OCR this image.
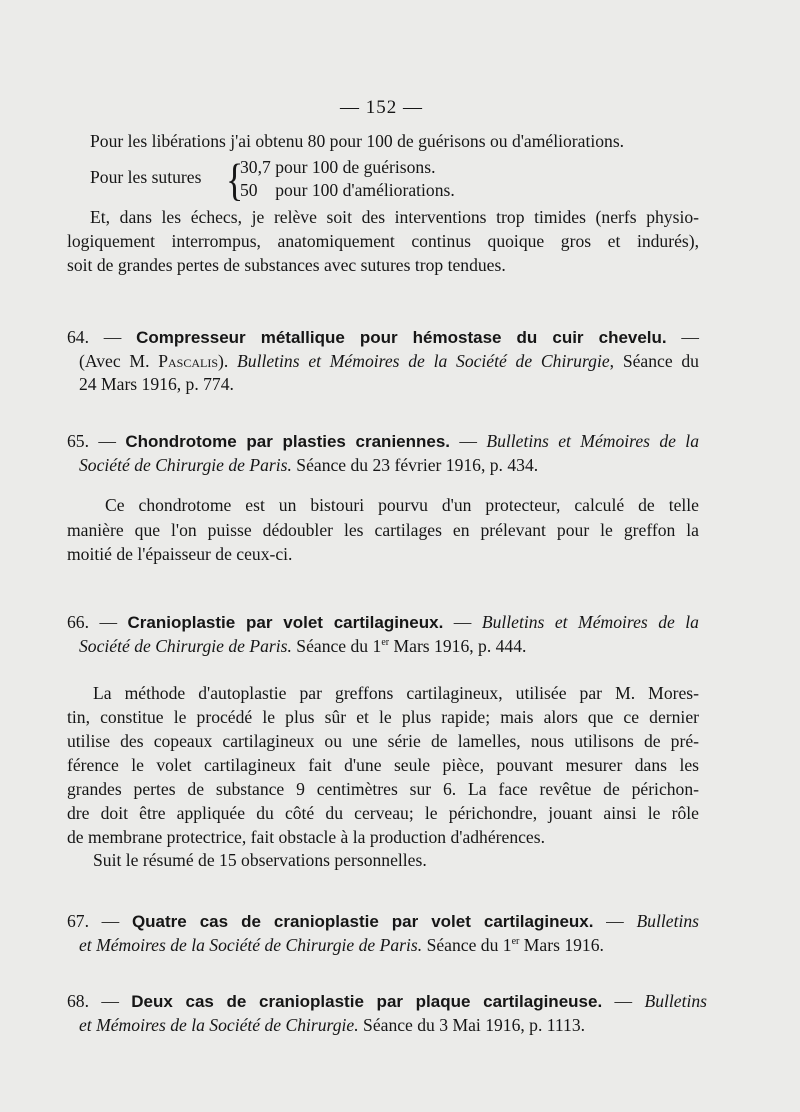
— 152 —
Pour les libérations j'ai obtenu 80 pour 100 de guérisons ou d'améliorations.
Pour les sutures {
30,7 pour 100 de guérisons.
50 pour 100 d'améliorations.
Et, dans les échecs, je relève soit des interventions trop timides (nerfs physio-
logiquement interrompus, anatomiquement continus quoique gros et indurés),
soit de grandes pertes de substances avec sutures trop tendues.
64. — Compresseur métallique pour hémostase du cuir chevelu. —
(Avec M. Pascalis). Bulletins et Mémoires de la Société de Chirurgie, Séance du
24 Mars 1916, p. 774.
65. — Chondrotome par plasties craniennes. — Bulletins et Mémoires de la
Société de Chirurgie de Paris. Séance du 23 février 1916, p. 434.
Ce chondrotome est un bistouri pourvu d'un protecteur, calculé de telle
manière que l'on puisse dédoubler les cartilages en prélevant pour le greffon la
moitié de l'épaisseur de ceux-ci.
66. — Cranioplastie par volet cartilagineux. — Bulletins et Mémoires de la
Société de Chirurgie de Paris. Séance du 1er Mars 1916, p. 444.
La méthode d'autoplastie par greffons cartilagineux, utilisée par M. Mores-
tin, constitue le procédé le plus sûr et le plus rapide; mais alors que ce dernier
utilise des copeaux cartilagineux ou une série de lamelles, nous utilisons de pré-
férence le volet cartilagineux fait d'une seule pièce, pouvant mesurer dans les
grandes pertes de substance 9 centimètres sur 6. La face revêtue de périchon-
dre doit être appliquée du côté du cerveau; le périchondre, jouant ainsi le rôle
de membrane protectrice, fait obstacle à la production d'adhérences.
Suit le résumé de 15 observations personnelles.
67. — Quatre cas de cranioplastie par volet cartilagineux. — Bulletins
et Mémoires de la Société de Chirurgie de Paris. Séance du 1er Mars 1916.
68. — Deux cas de cranioplastie par plaque cartilagineuse. — Bulletins
et Mémoires de la Société de Chirurgie. Séance du 3 Mai 1916, p. 1113.
